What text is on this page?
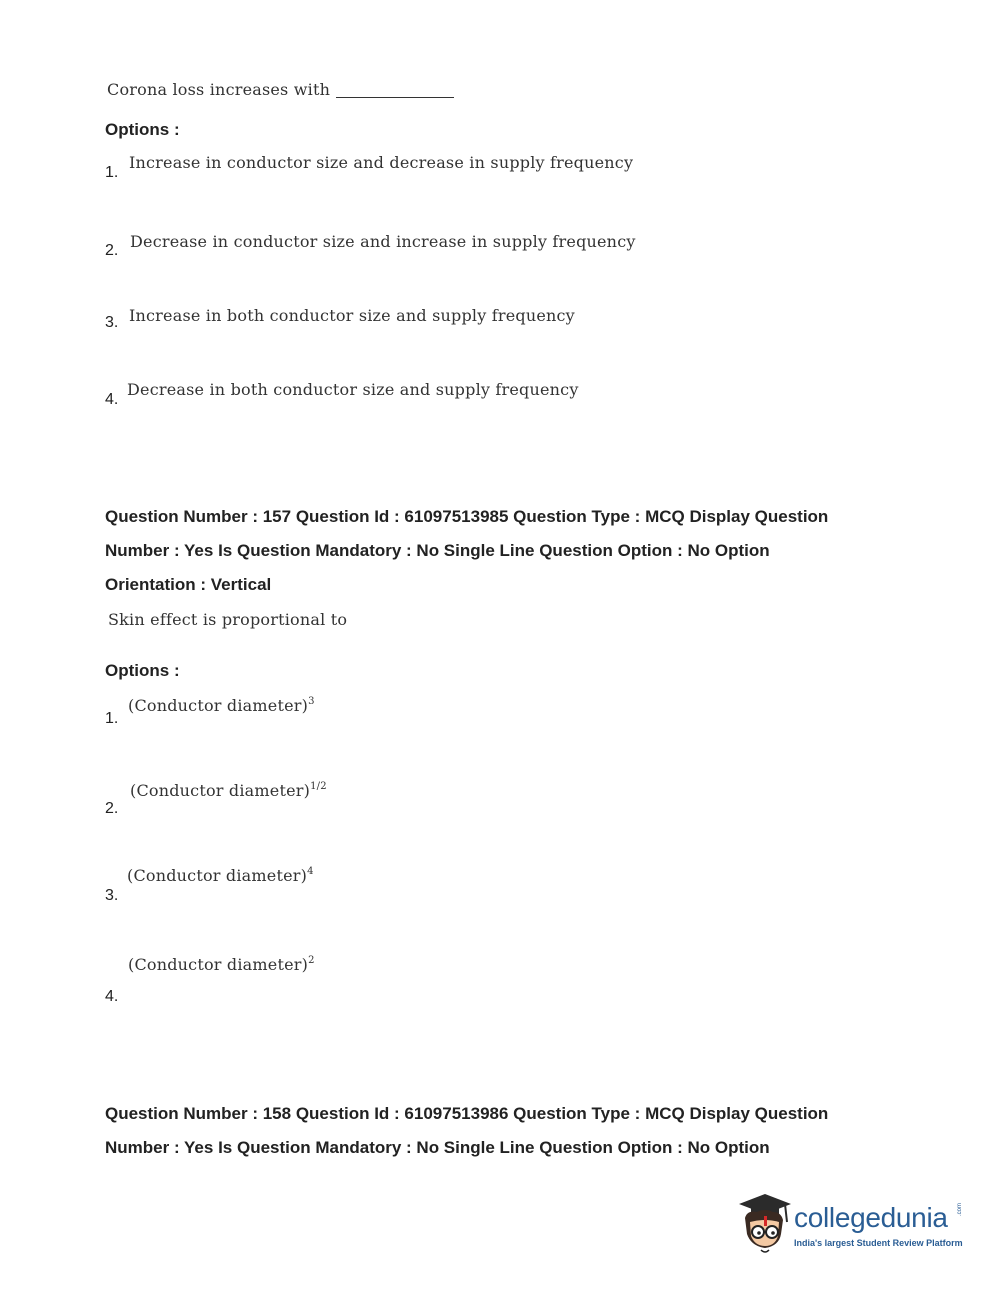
Corona loss increases with
Options :
1.
Increase in conductor size and decrease in supply frequency
2. Decrease in conductor size and increase in supply frequency
3. Increase in both conductor size and supply frequency
4.
Decrease in both conductor size and supply frequency
Question Number : 157 Question Id : 61097513985 Question Type : MCQ Display Question
Number : Yes Is Question Mandatory : No Single Line Question Option : No Option
Orientation : Vertical
Skin effect is proportional to
Options :
1.
(Conductor diameter)$^3$
2.
(Conductor diameter)$^{1/2}$
3.
(Conductor diameter)$^4$
4.
(Conductor diameter)$^2$
Question Number : 158 Question Id : 61097513986 Question Type : MCQ Display Question
Number : Yes Is Question Mandatory : No Single Line Question Option : No Option
collegedunia .com
India's largest Student Review Platform
